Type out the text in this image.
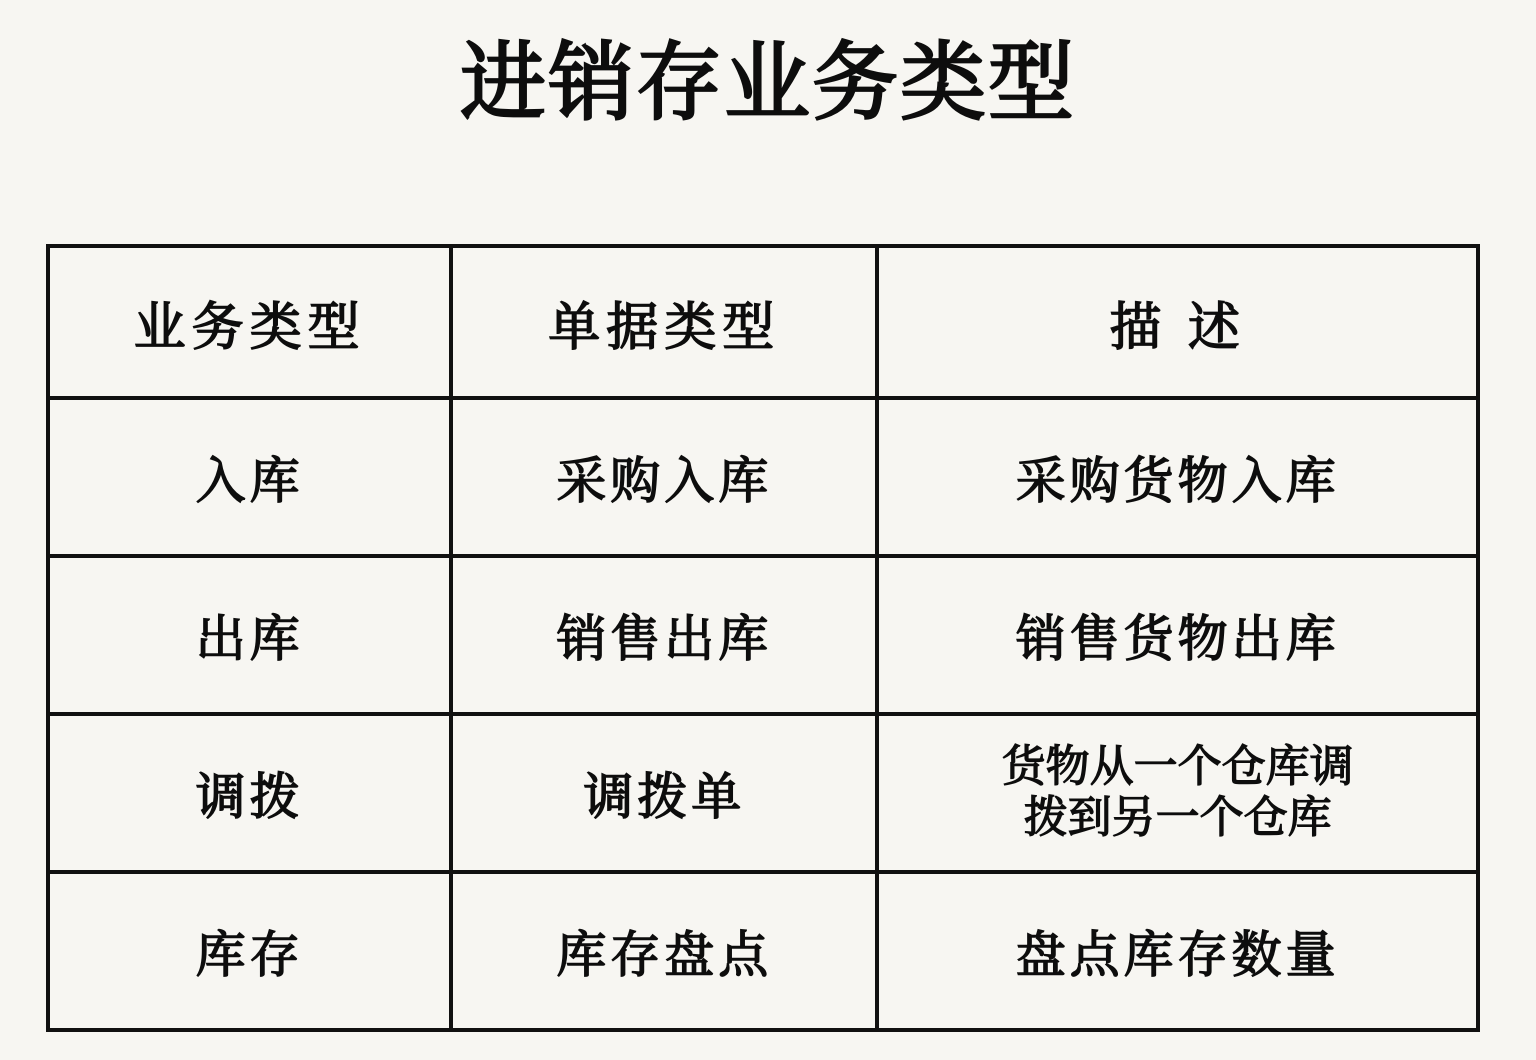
进销存业务类型
业务类型	单据类型	描 述
入库	采购入库	采购货物入库

出库	销售出库	销售货物出库

调拨	调拨单	货物从一个仓库调
拨到另一个仓库

库存	库存盘点	盘点库存数量
